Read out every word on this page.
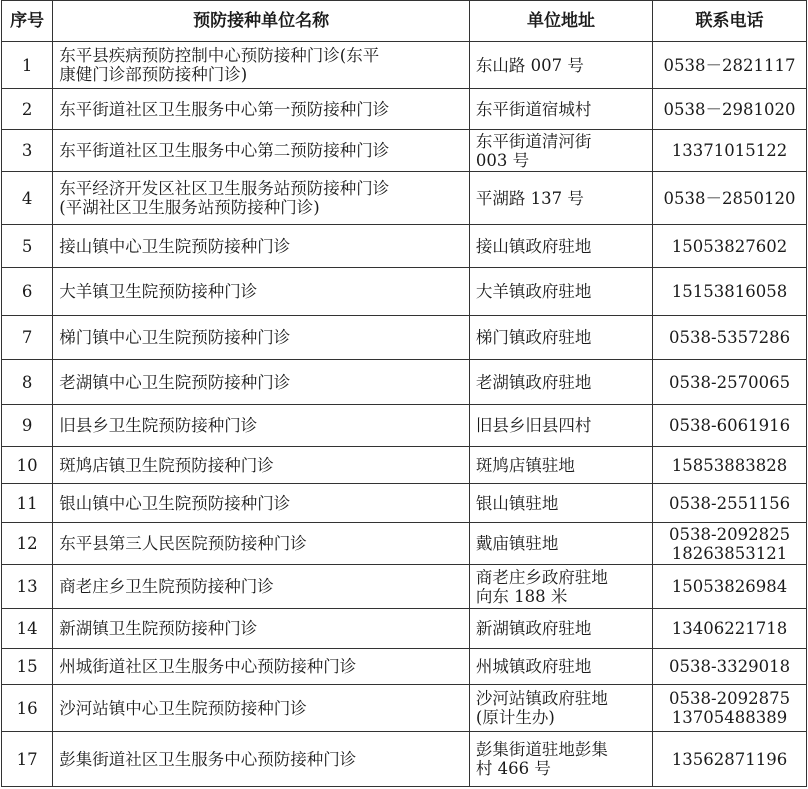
序号	预防接种单位名称	单位地址	联系电话
1	东平县疾病预防控制中心预防接种门诊(东平
康健门诊部预防接种门诊)	东山路 007 号	0538－2821117

2	东平街道社区卫生服务中心第一预防接种门诊	东平街道宿城村	0538－2981020

3	东平街道社区卫生服务中心第二预防接种门诊	东平街道清河街
003 号	13371015122

4	东平经济开发区社区卫生服务站预防接种门诊
(平湖社区卫生服务站预防接种门诊)	平湖路 137 号	0538－2850120

5	接山镇中心卫生院预防接种门诊	接山镇政府驻地	15053827602

6	大羊镇卫生院预防接种门诊	大羊镇政府驻地	15153816058

7	梯门镇中心卫生院预防接种门诊	梯门镇政府驻地	0538-5357286

8	老湖镇中心卫生院预防接种门诊	老湖镇政府驻地	0538-2570065

9	旧县乡卫生院预防接种门诊	旧县乡旧县四村	0538-6061916

10	斑鸠店镇卫生院预防接种门诊	斑鸠店镇驻地	15853883828

11	银山镇中心卫生院预防接种门诊	银山镇驻地	0538-2551156

12	东平县第三人民医院预防接种门诊	戴庙镇驻地	0538-2092825
18263853121

13	商老庄乡卫生院预防接种门诊	商老庄乡政府驻地
向东 188 米	15053826984

14	新湖镇卫生院预防接种门诊	新湖镇政府驻地	13406221718

15	州城街道社区卫生服务中心预防接种门诊	州城镇政府驻地	0538-3329018

16	沙河站镇中心卫生院预防接种门诊	沙河站镇政府驻地
(原计生办)	0538-2092875
13705488389

17	彭集街道社区卫生服务中心预防接种门诊	彭集街道驻地彭集
村 466 号	13562871196
